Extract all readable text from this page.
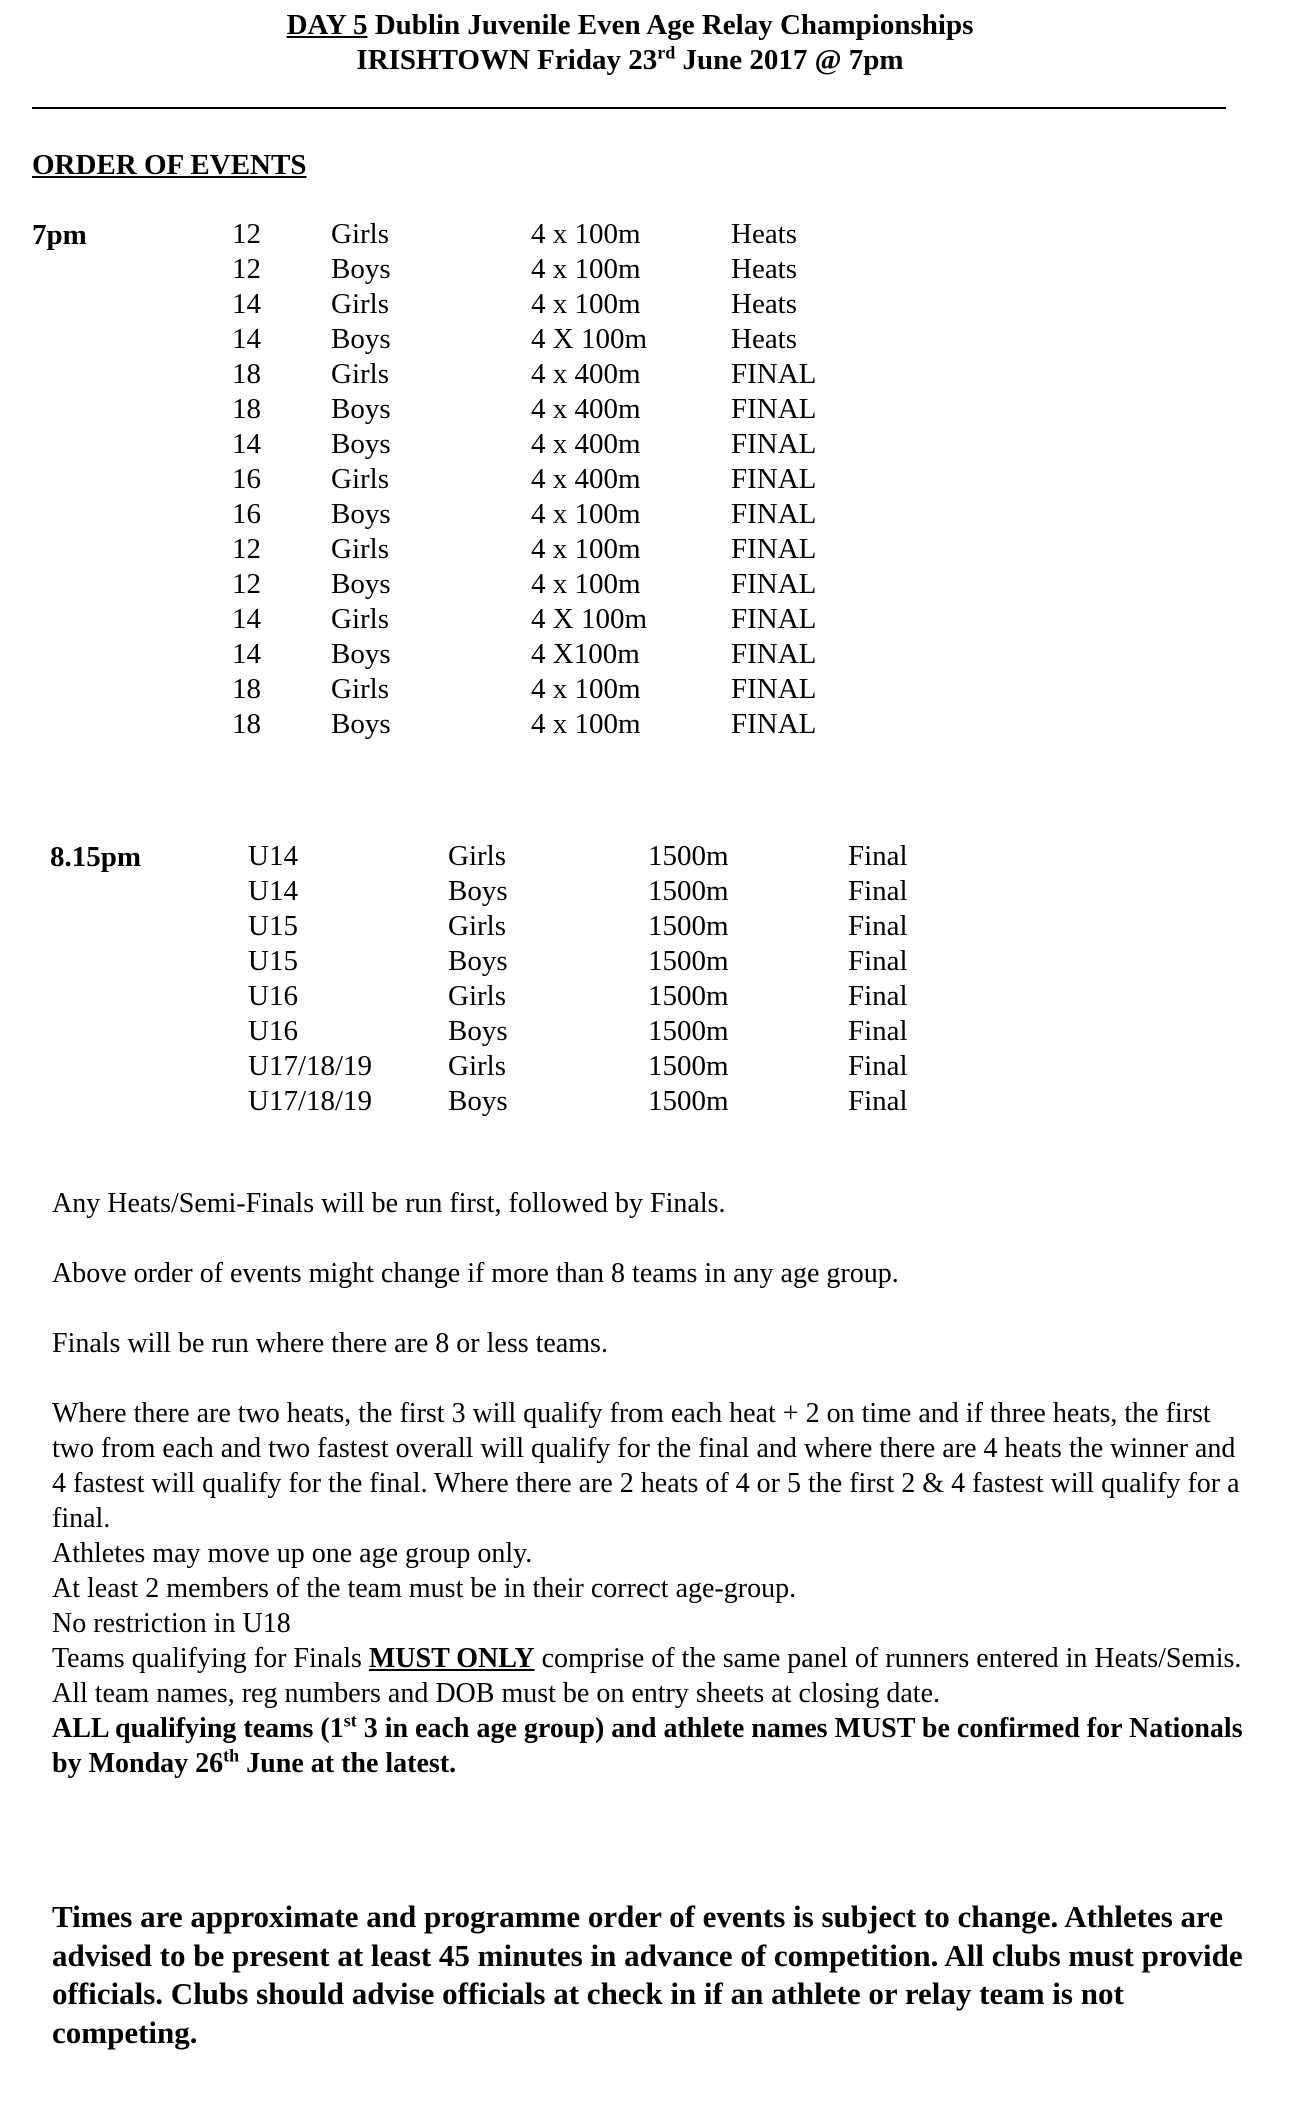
DAY 5 Dublin Juvenile Even Age Relay Championships
IRISHTOWN Friday 23rd June 2017 @ 7pm
ORDER OF EVENTS
7pm	12 Girls	4 x 100m	Heats
12 Boys	4 x 100m	Heats
14 Girls	4 x 100m	Heats
14 Boys	4 X 100m	Heats
18 Girls	4 x 400m	FINAL
18 Boys	4 x 400m	FINAL
14 Boys	4 x 400m	FINAL
16 Girls	4 x 400m	FINAL
16 Boys	4 x 100m	FINAL
12 Girls	4 x 100m	FINAL
12 Boys	4 x 100m	FINAL
14 Girls	4 X 100m	FINAL
14 Boys	4 X100m	FINAL
18 Girls	4 x 100m	FINAL
18 Boys	4 x 100m	FINAL
8.15pm	U14	Girls	1500m	Final
U14	Boys	1500m	Final
U15	Girls	1500m	Final
U15	Boys	1500m	Final
U16	Girls	1500m	Final
U16	Boys	1500m	Final
U17/18/19	Girls	1500m	Final
U17/18/19	Boys	1500m	Final

Any Heats/Semi-Finals will be run first, followed by Finals.

Above order of events might change if more than 8 teams in any age group.

Finals will be run where there are 8 or less teams.

Where there are two heats, the first 3 will qualify from each heat + 2 on time and if three heats, the first two from each and two fastest overall will qualify for the final and where there are 4 heats the winner and 4 fastest will qualify for the final. Where there are 2 heats of 4 or 5 the first 2 & 4 fastest will qualify for a final.

Athletes may move up one age group only.

At least 2 members of the team must be in their correct age-group.

No restriction in U18

Teams qualifying for Finals MUST ONLY comprise of the same panel of runners entered in Heats/Semis.

All team names, reg numbers and DOB must be on entry sheets at closing date.

ALL qualifying teams (1st 3 in each age group) and athlete names MUST be confirmed for Nationals by Monday 26th June at the latest.

Times are approximate and programme order of events is subject to change. Athletes are advised to be present at least 45 minutes in advance of competition. All clubs must provide officials. Clubs should advise officials at check in if an athlete or relay team is not competing.
